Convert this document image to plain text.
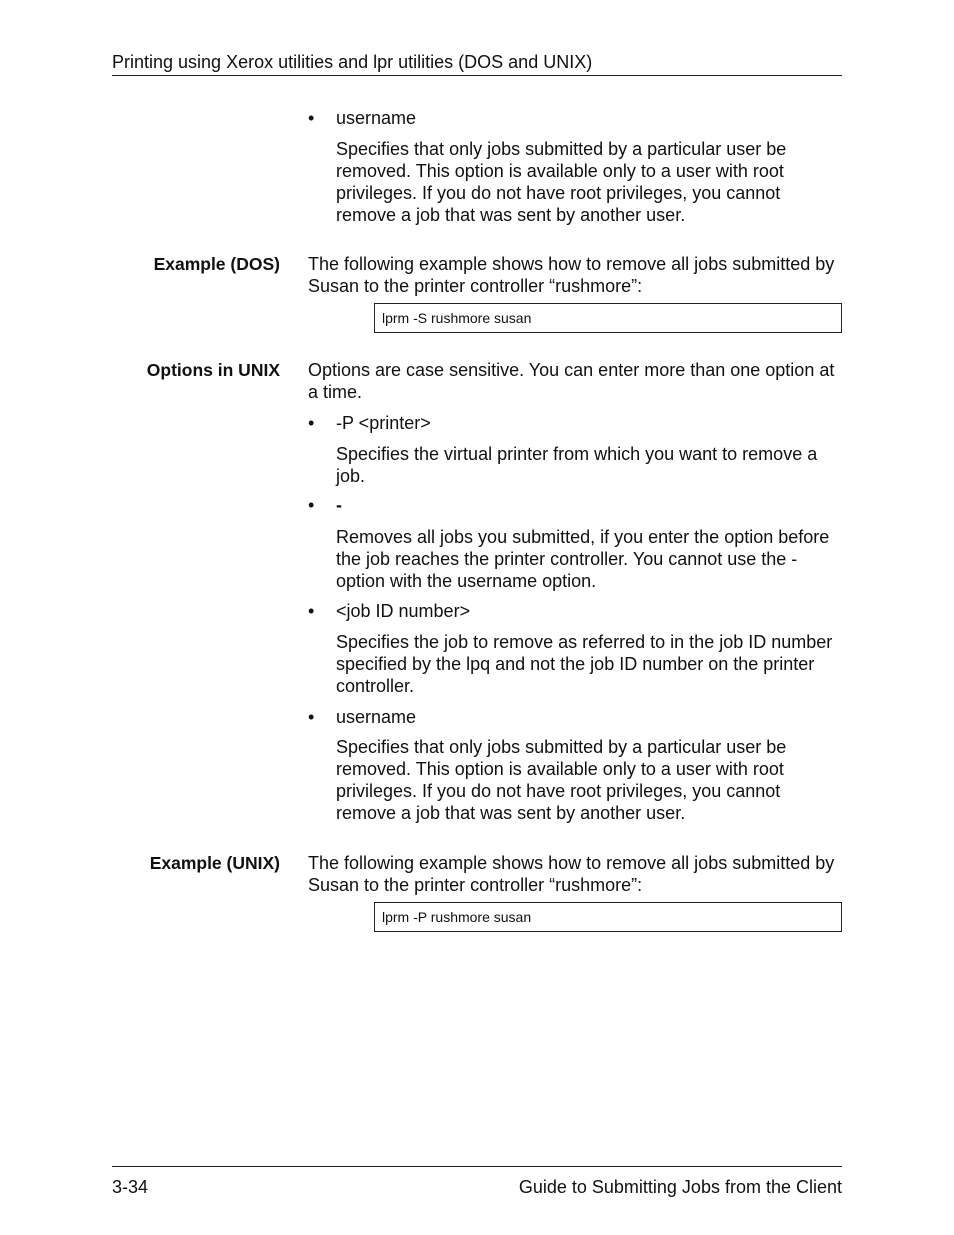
Printing using Xerox utilities and lpr utilities (DOS and UNIX)
• username
Specifies that only jobs submitted by a particular user be removed. This option is available only to a user with root privileges. If you do not have root privileges, you cannot remove a job that was sent by another user.
Example (DOS) The following example shows how to remove all jobs submitted by Susan to the printer controller “rushmore”:
lprm -S rushmore susan
Options in UNIX Options are case sensitive. You can enter more than one option at a time.
• -P <printer>
Specifies the virtual printer from which you want to remove a job.
• -
Removes all jobs you submitted, if you enter the option before the job reaches the printer controller. You cannot use the - option with the username option.
• <job ID number>
Specifies the job to remove as referred to in the job ID number specified by the lpq and not the job ID number on the printer controller.
• username
Specifies that only jobs submitted by a particular user be removed. This option is available only to a user with root privileges. If you do not have root privileges, you cannot remove a job that was sent by another user.
Example (UNIX) The following example shows how to remove all jobs submitted by Susan to the printer controller “rushmore”:
lprm -P rushmore susan
3-34	Guide to Submitting Jobs from the Client
